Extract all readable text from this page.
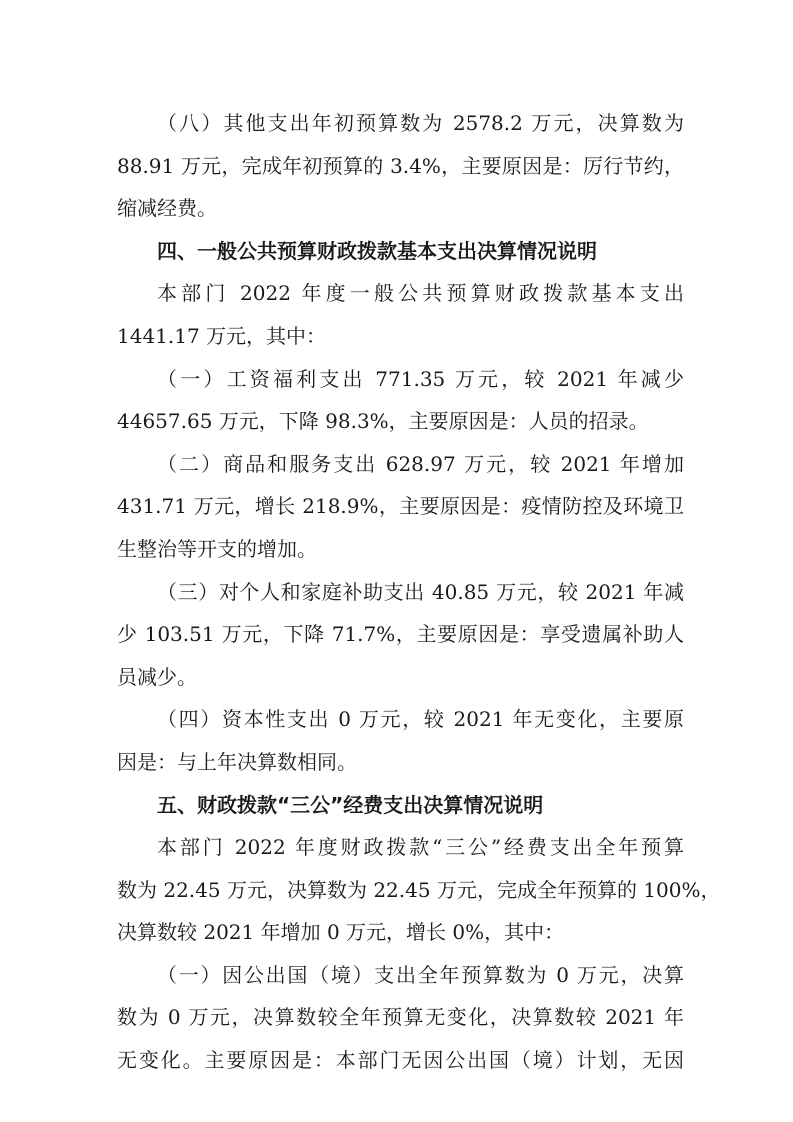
（八）其他支出年初预算数为 2578.2 万元，决算数为
88.91 万元，完成年初预算的 3.4%，主要原因是：厉行节约，
缩减经费。
四、一般公共预算财政拨款基本支出决算情况说明
本部门 2022 年度一般公共预算财政拨款基本支出
1441.17 万元，其中：
（一）工资福利支出 771.35 万元，较 2021 年减少
44657.65 万元，下降 98.3%，主要原因是：人员的招录。
（二）商品和服务支出 628.97 万元，较 2021 年增加
431.71 万元，增长 218.9%，主要原因是：疫情防控及环境卫
生整治等开支的增加。
（三）对个人和家庭补助支出 40.85 万元，较 2021 年减
少 103.51 万元，下降 71.7%，主要原因是：享受遗属补助人
员减少。
（四）资本性支出 0 万元，较 2021 年无变化，主要原
因是：与上年决算数相同。
五、财政拨款“三公”经费支出决算情况说明
本部门 2022 年度财政拨款“三公”经费支出全年预算
数为 22.45 万元，决算数为 22.45 万元，完成全年预算的 100%，
决算数较 2021 年增加 0 万元，增长 0%，其中：
（一）因公出国（境）支出全年预算数为 0 万元，决算
数为 0 万元，决算数较全年预算无变化，决算数较 2021 年
无变化。主要原因是：本部门无因公出国（境）计划，无因
